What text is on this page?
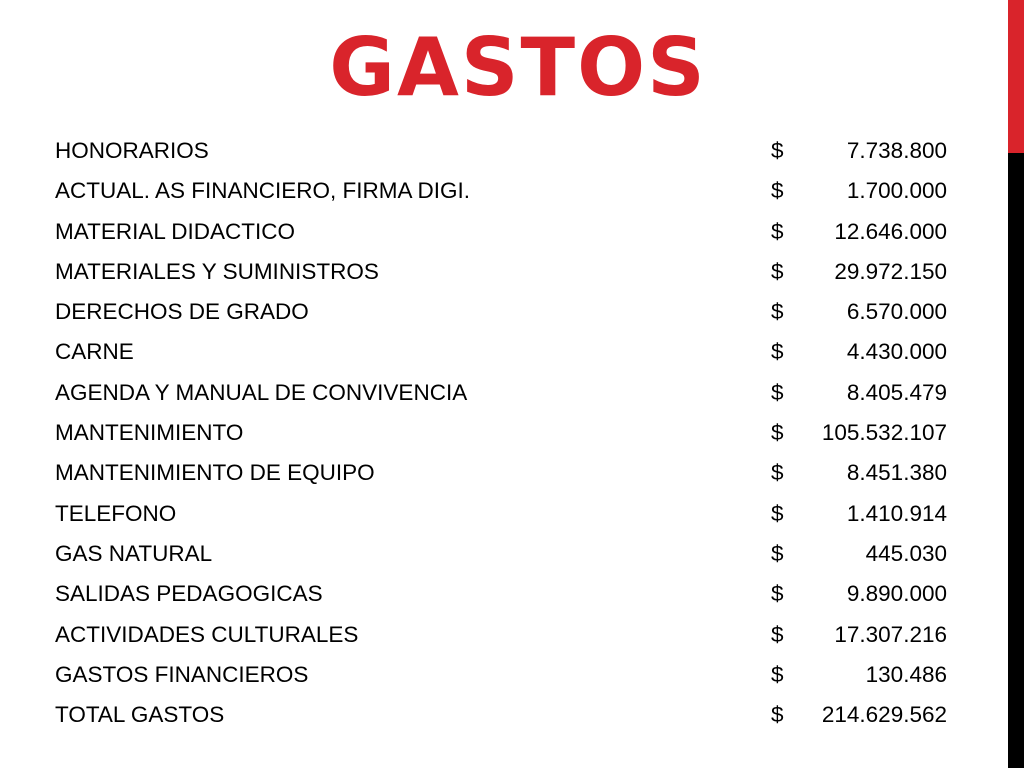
GASTOS
HONORARIOS	$	7.738.800
ACTUAL. AS FINANCIERO, FIRMA DIGI.	$	1.700.000
MATERIAL DIDACTICO	$ 12.646.000
MATERIALES Y SUMINISTROS	$ 29.972.150
DERECHOS DE GRADO	$	6.570.000
CARNE	$	4.430.000
AGENDA Y MANUAL DE CONVIVENCIA	$	8.405.479
MANTENIMIENTO	$ 105.532.107
MANTENIMIENTO DE EQUIPO	$	8.451.380
TELEFONO	$	1.410.914
GAS NATURAL	$	445.030
SALIDAS PEDAGOGICAS	$	9.890.000
ACTIVIDADES CULTURALES	$ 17.307.216
GASTOS FINANCIEROS	$	130.486
TOTAL GASTOS	$ 214.629.562
